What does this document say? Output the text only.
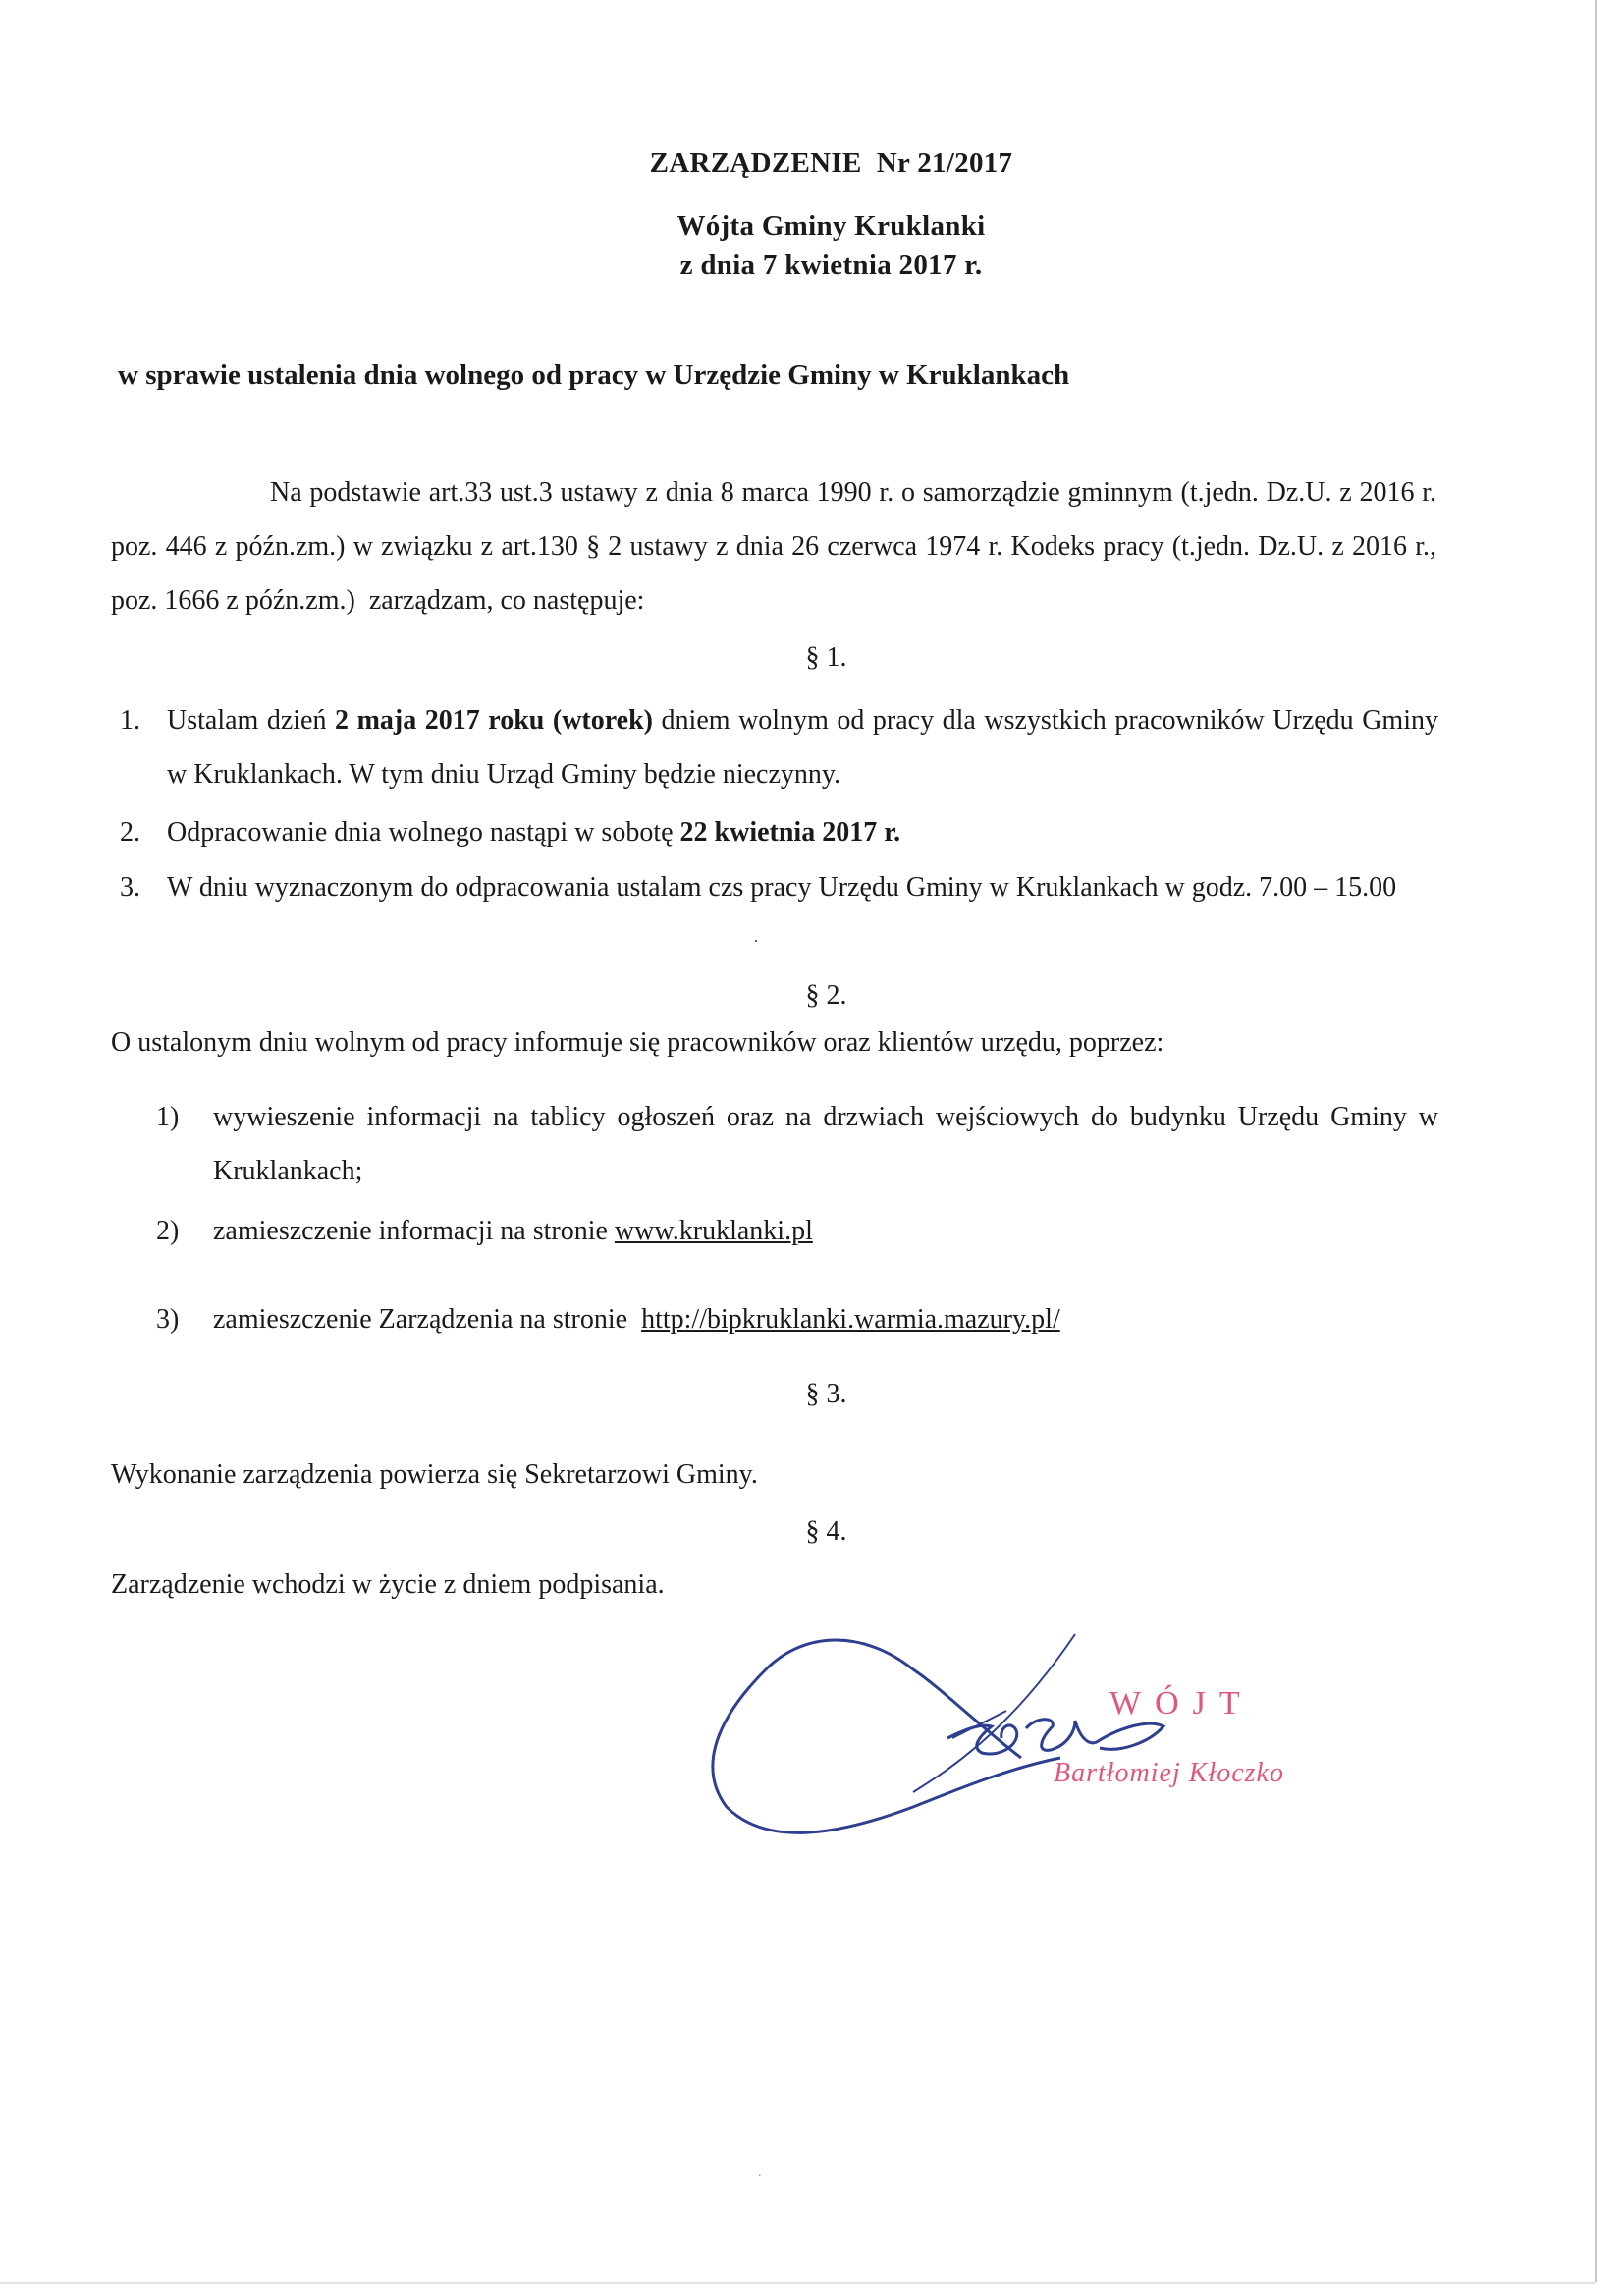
ZARZĄDZENIE  Nr 21/2017
Wójta Gminy Kruklanki
z dnia 7 kwietnia 2017 r.
w sprawie ustalenia dnia wolnego od pracy w Urzędzie Gminy w Kruklankach
Na podstawie art.33 ust.3 ustawy z dnia 8 marca 1990 r. o samorządzie gminnym (t.jedn. Dz.U. z 2016 r. poz. 446 z późn.zm.) w związku z art.130 § 2 ustawy z dnia 26 czerwca 1974 r. Kodeks pracy (t.jedn. Dz.U. z 2016 r., poz. 1666 z późn.zm.)  zarządzam, co następuje:
§ 1.
1. Ustalam dzień 2 maja 2017 roku (wtorek) dniem wolnym od pracy dla wszystkich pracowników Urzędu Gminy w Kruklankach. W tym dniu Urząd Gminy będzie nieczynny.
2. Odpracowanie dnia wolnego nastąpi w sobotę 22 kwietnia 2017 r.
3. W dniu wyznaczonym do odpracowania ustalam czs pracy Urzędu Gminy w Kruklankach w godz. 7.00 – 15.00
.
§ 2.
O ustalonym dniu wolnym od pracy informuje się pracowników oraz klientów urzędu, poprzez:
1) wywieszenie informacji na tablicy ogłoszeń oraz na drzwiach wejściowych do budynku Urzędu Gminy w Kruklankach;
2) zamieszczenie informacji na stronie www.kruklanki.pl
3) zamieszczenie Zarządzenia na stronie  http://bipkruklanki.warmia.mazury.pl/
§ 3.
Wykonanie zarządzenia powierza się Sekretarzowi Gminy.
§ 4.
Zarządzenie wchodzi w życie z dniem podpisania.
WÓJT
Bartłomiej Kłoczko
.
